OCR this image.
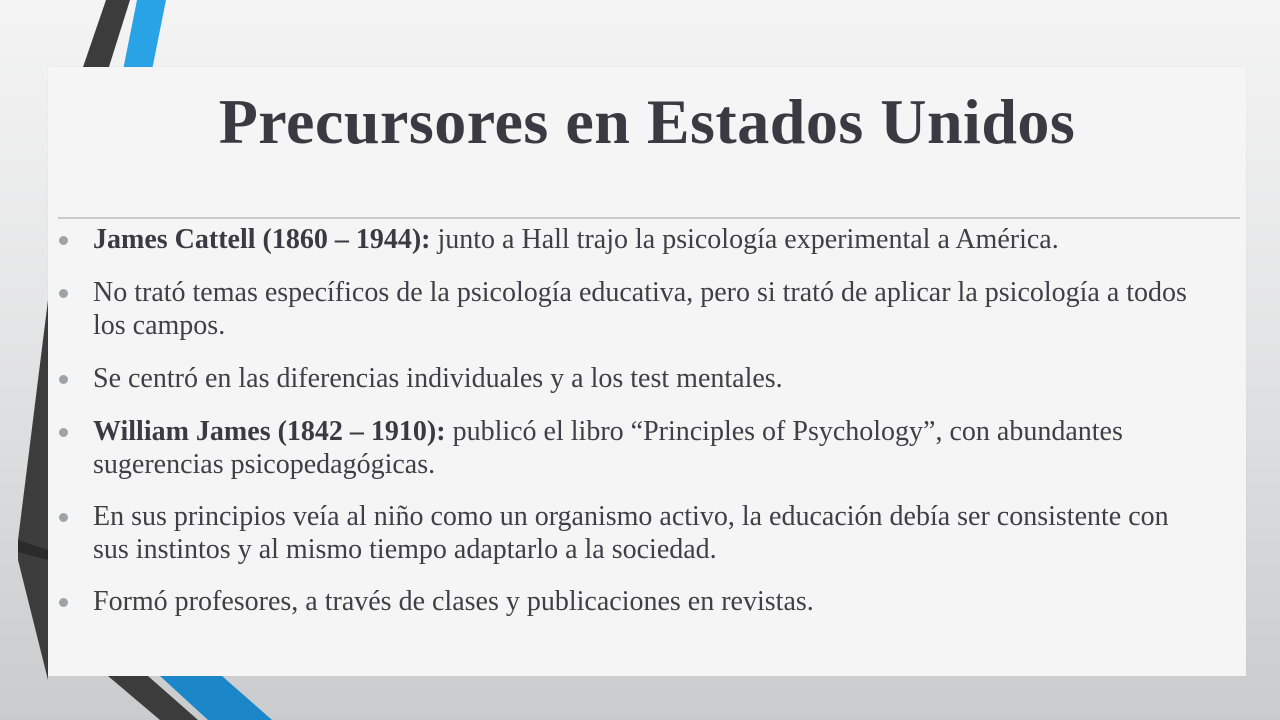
Precursores en Estados Unidos
James Cattell (1860 – 1944): junto a Hall trajo la psicología experimental a América.
No trató temas específicos de la psicología educativa, pero si trató de aplicar la psicología a todos los campos.
Se centró en las diferencias individuales y a los test mentales.
William James (1842 – 1910): publicó el libro “Principles of Psychology”, con abundantes sugerencias psicopedagógicas.
En sus principios veía al niño como un organismo activo, la educación debía ser consistente con sus instintos y al mismo tiempo adaptarlo a la sociedad.
Formó profesores, a través de clases y publicaciones en revistas.
